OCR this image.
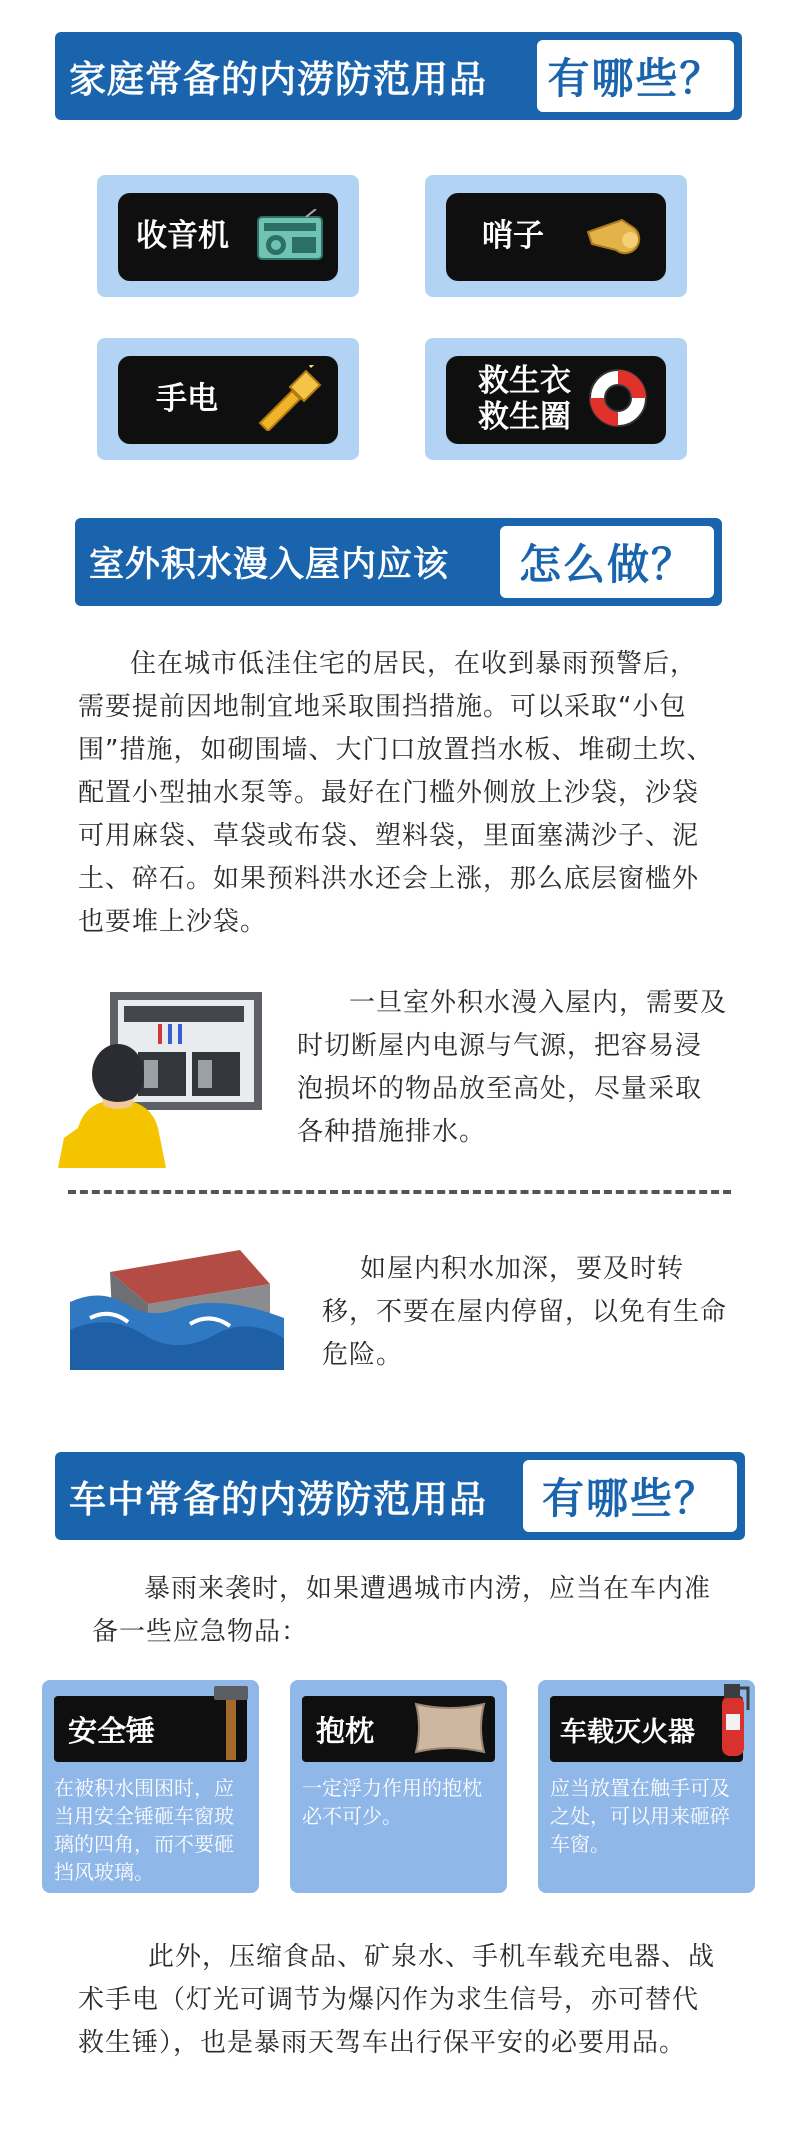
家庭常备的内涝防范用品 有哪些？
收音机	哨子
手电	救生衣
救生圈
室外积水漫入屋内应该	怎么做？
住在城市低洼住宅的居民，在收到暴雨预警后，需要提前因地制宜地采取围挡措施。可以采取“小包围”措施，如砌围墙、大门口放置挡水板、堆砌土坎、配置小型抽水泵等。最好在门槛外侧放上沙袋，沙袋可用麻袋、草袋或布袋、塑料袋，里面塞满沙子、泥土、碎石。如果预料洪水还会上涨，那么底层窗槛外也要堆上沙袋。
一旦室外积水漫入屋内，需要及时切断屋内电源与气源，把容易浸泡损坏的物品放至高处，尽量采取各种措施排水。
如屋内积水加深，要及时转移，不要在屋内停留，以免有生命危险。
车中常备的内涝防范用品	有哪些？
暴雨来袭时，如果遭遇城市内涝，应当在车内准备一些应急物品：
安全锤
在被积水围困时，应当用安全锤砸车窗玻璃的四角，而不要砸挡风玻璃。
抱枕
一定浮力作用的抱枕必不可少。
车载灭火器
应当放置在触手可及之处，可以用来砸碎车窗。
此外，压缩食品、矿泉水、手机车载充电器、战术手电（灯光可调节为爆闪作为求生信号，亦可替代救生锤），也是暴雨天驾车出行保平安的必要用品。
